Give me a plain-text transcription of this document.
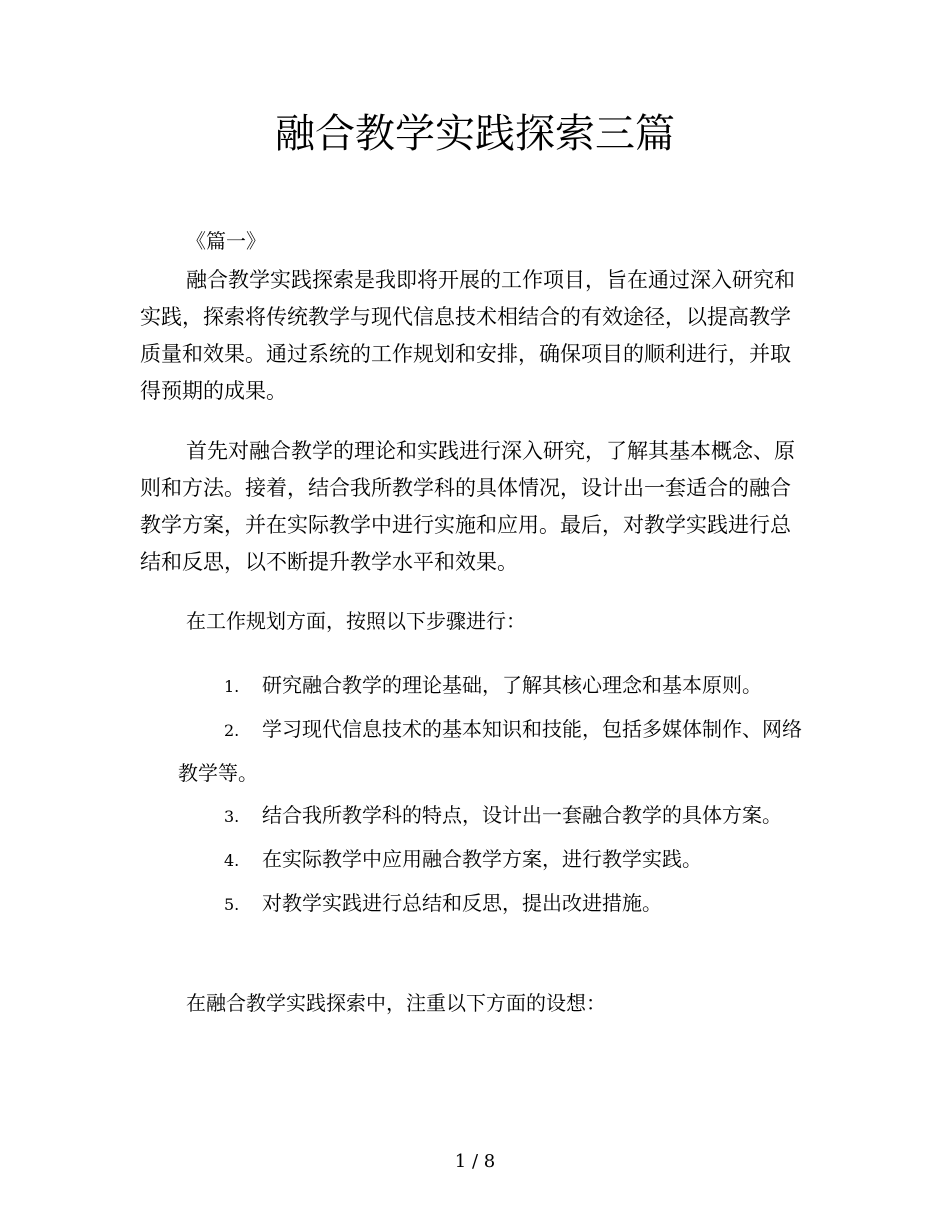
融合教学实践探索三篇
《篇一》

融合教学实践探索是我即将开展的工作项目，旨在通过深入研究和实践，探索将传统教学与现代信息技术相结合的有效途径，以提高教学质量和效果。通过系统的工作规划和安排，确保项目的顺利进行，并取得预期的成果。

首先对融合教学的理论和实践进行深入研究，了解其基本概念、原则和方法。接着，结合我所教学科的具体情况，设计出一套适合的融合教学方案，并在实际教学中进行实施和应用。最后，对教学实践进行总结和反思，以不断提升教学水平和效果。

在工作规划方面，按照以下步骤进行：
1. 研究融合教学的理论基础，了解其核心理念和基本原则。
2. 学习现代信息技术的基本知识和技能，包括多媒体制作、网络教学等。
3. 结合我所教学科的特点，设计出一套融合教学的具体方案。
4. 在实际教学中应用融合教学方案，进行教学实践。
5. 对教学实践进行总结和反思，提出改进措施。
在融合教学实践探索中，注重以下方面的设想：
1 / 8
